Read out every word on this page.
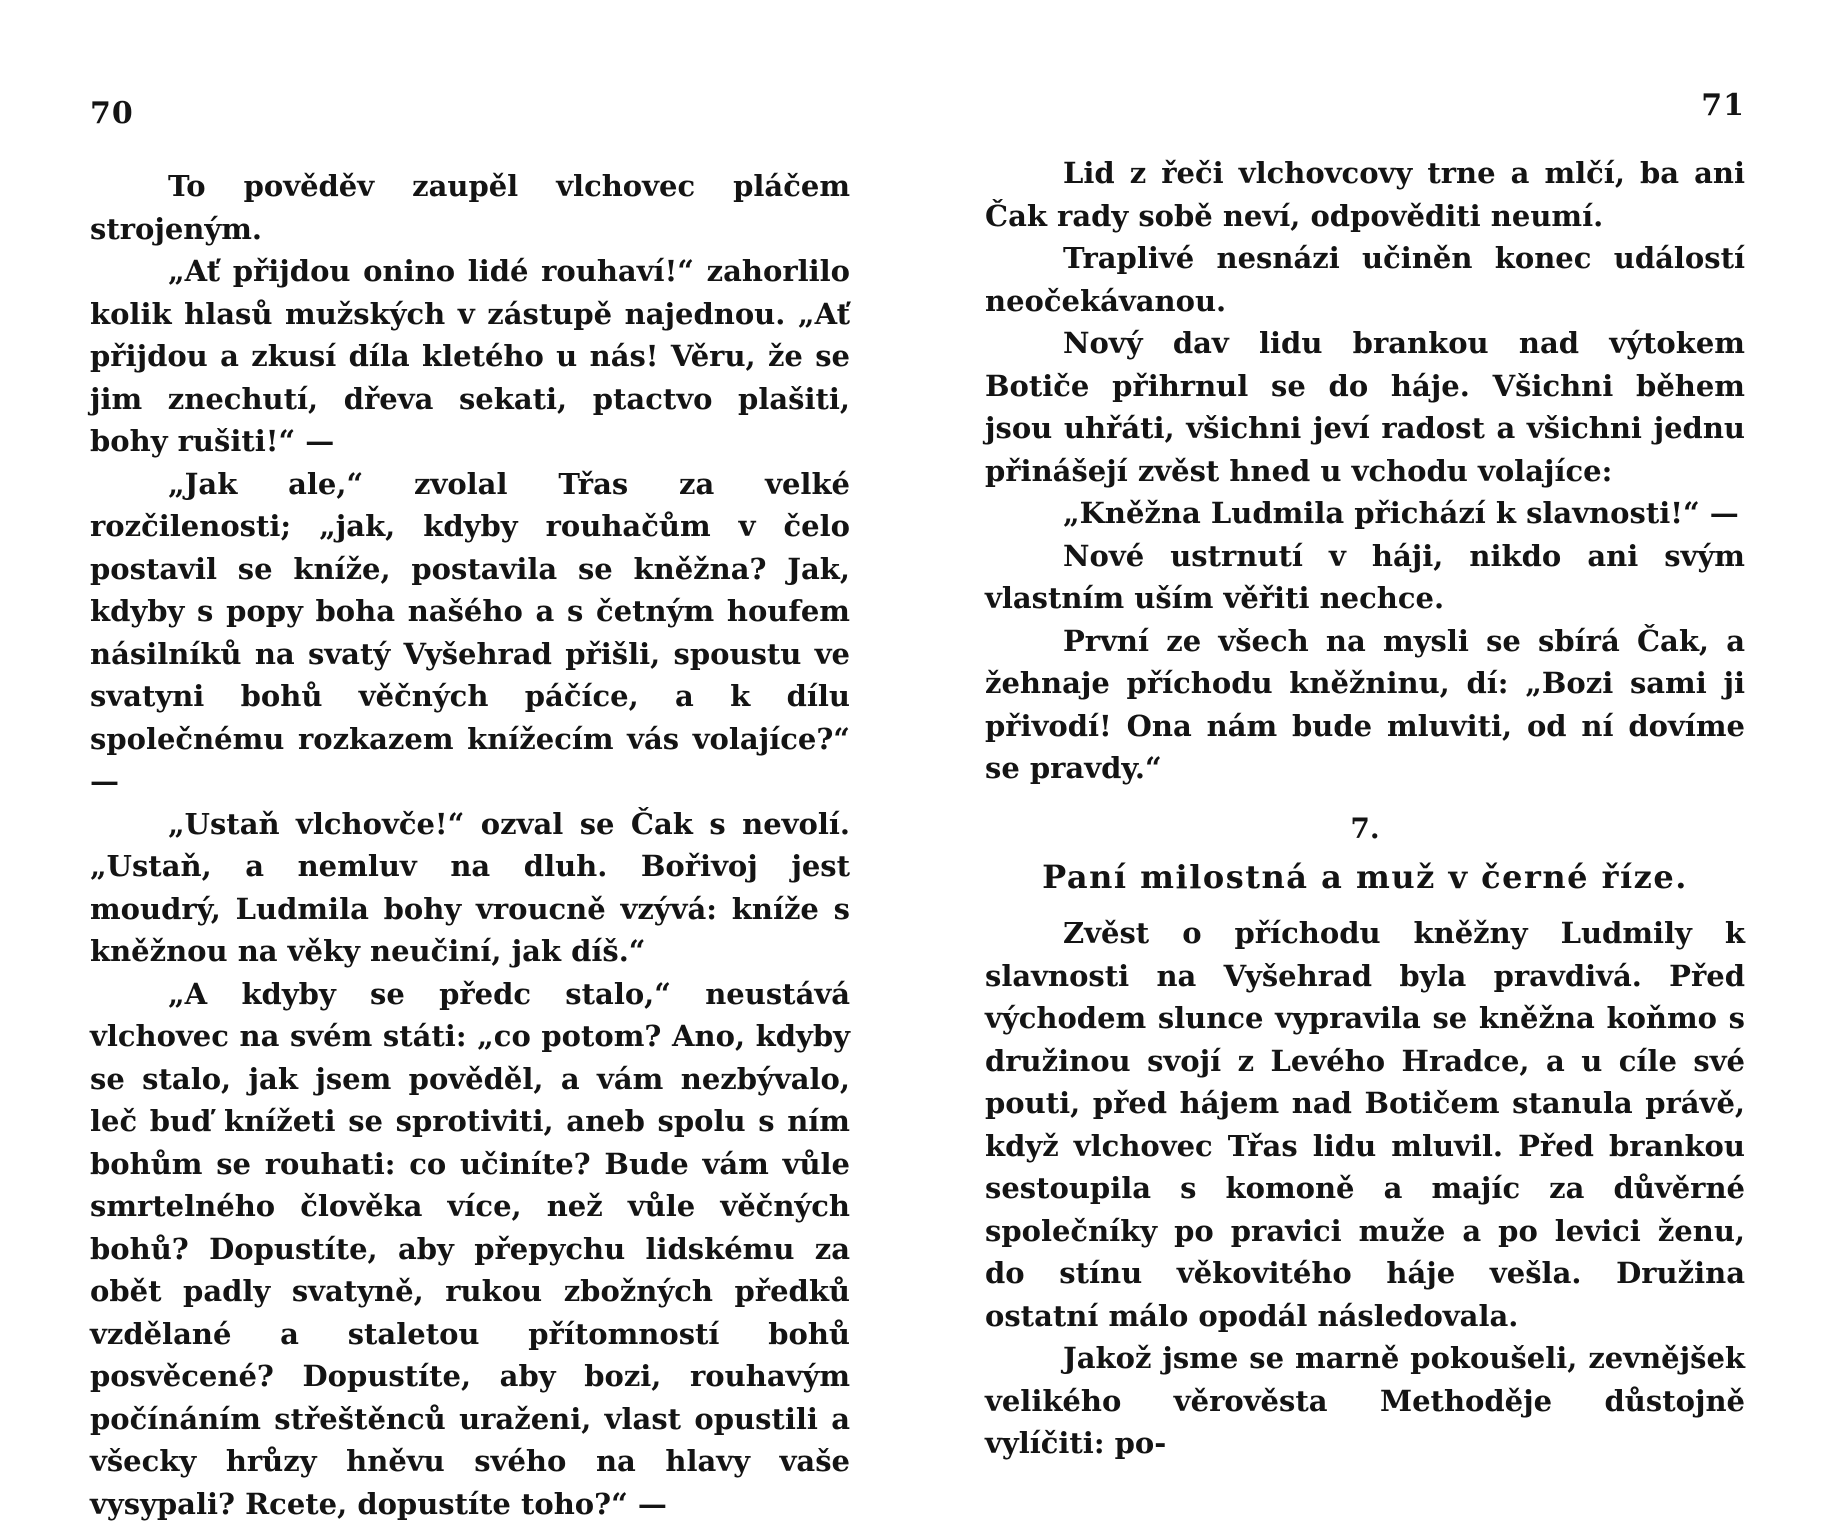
70

To pověděv zaupěl vlchovec pláčem strojeným.

„Ať přijdou onino lidé rouhaví!“ zahorlilo kolik hlasů mužských v zástupě najednou. „Ať přijdou a zkusí díla kletého u nás! Věru, že se jim znechutí, dřeva sekati, ptactvo plašiti, bohy rušiti!“ —

„Jak ale,“ zvolal Třas za velké rozčilenosti; „jak, kdyby rouhačům v čelo postavil se kníže, postavila se kněžna? Jak, kdyby s popy boha našého a s četným houfem násilníků na svatý Vyšehrad přišli, spoustu ve svatyni bohů věčných páčíce, a k dílu společnému rozkazem knížecím vás volajíce?“ —

„Ustaň vlchovče!“ ozval se Čak s nevolí. „Ustaň, a nemluv na dluh. Bořivoj jest moudrý, Ludmila bohy vroucně vzývá: kníže s kněžnou na věky neučiní, jak díš.“

„A kdyby se předc stalo,“ neustává vlchovec na svém státi: „co potom? Ano, kdyby se stalo, jak jsem pověděl, a vám nezbývalo, leč buď knížeti se sprotiviti, aneb spolu s ním bohům se rouhati: co učiníte? Bude vám vůle smrtelného člověka více, než vůle věčných bohů? Dopustíte, aby přepychu lidskému za obět padly svatyně, rukou zbožných předků vzdělané a staletou přítomností bohů posvěcené? Dopustíte, aby bozi, rouhavým počínáním střeštěnců uraženi, vlast opustili a všecky hrůzy hněvu svého na hlavy vaše vysypali? Rcete, dopustíte toho?“ —

71

Lid z řeči vlchovcovy trne a mlčí, ba ani Čak rady sobě neví, odpověditi neumí.

Traplivé nesnázi učiněn konec událostí neočekávanou.

Nový dav lidu brankou nad výtokem Botiče přihrnul se do háje. Všichni během jsou uhřáti, všichni jeví radost a všichni jednu přinášejí zvěst hned u vchodu volajíce:

„Kněžna Ludmila přichází k slavnosti!“ —

Nové ustrnutí v háji, nikdo ani svým vlastním uším věřiti nechce.

První ze všech na mysli se sbírá Čak, a žehnaje příchodu kněžninu, dí: „Bozi sami ji přivodí! Ona nám bude mluviti, od ní dovíme se pravdy.“

7.
Paní milostná a muž v černé říze.

Zvěst o příchodu kněžny Ludmily k slavnosti na Vyšehrad byla pravdivá. Před východem slunce vypravila se kněžna koňmo s družinou svojí z Levého Hradce, a u cíle své pouti, před hájem nad Botičem stanula právě, když vlchovec Třas lidu mluvil. Před brankou sestoupila s komoně a majíc za důvěrné společníky po pravici muže a po levici ženu, do stínu věkovitého háje vešla. Družina ostatní málo opodál následovala.

Jakož jsme se marně pokoušeli, zevnějšek velikého věrověsta Methoděje důstojně vylíčiti: po-
